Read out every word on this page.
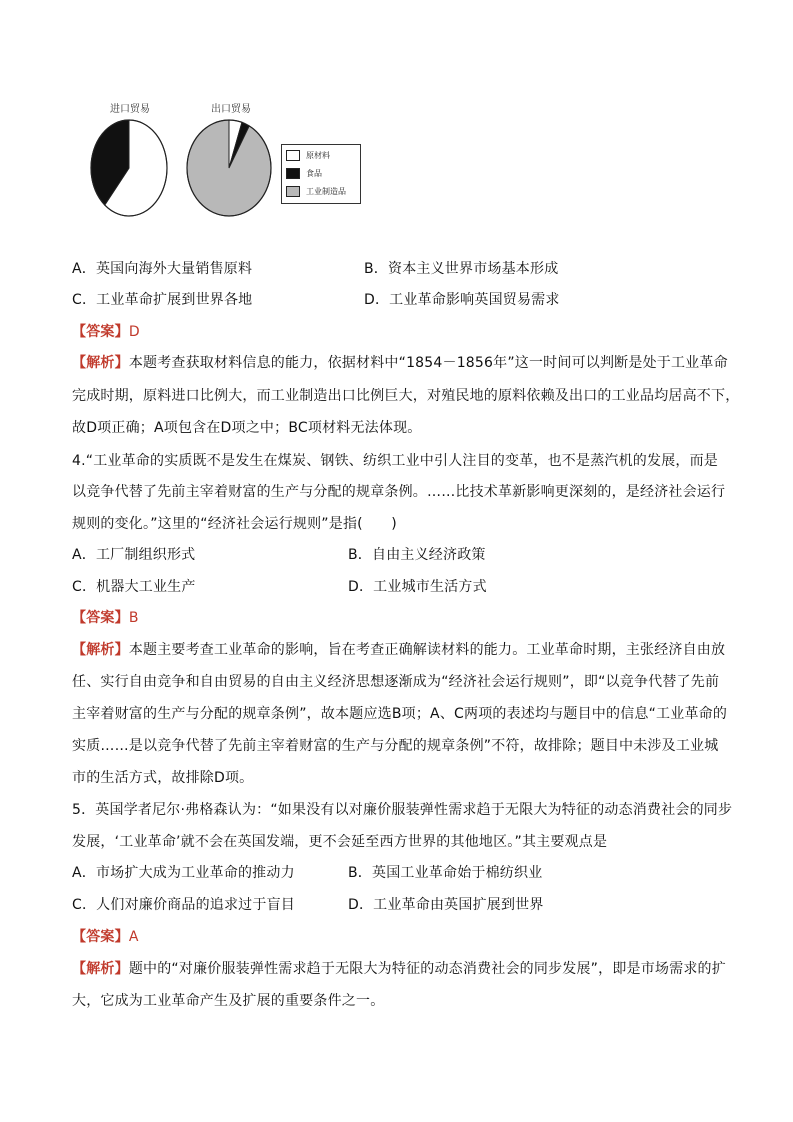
进口贸易	出口贸易
原材料
食品
工业制造品
A．英国向海外大量销售原料	B．资本主义世界市场基本形成
C．工业革命扩展到世界各地	D．工业革命影响英国贸易需求
【答案】D
【解析】本题考查获取材料信息的能力，依据材料中“1854－1856年”这一时间可以判断是处于工业革命
完成时期，原料进口比例大，而工业制造出口比例巨大，对殖民地的原料依赖及出口的工业品均居高不下，
故D项正确；A项包含在D项之中；BC项材料无法体现。
4.“工业革命的实质既不是发生在煤炭、钢铁、纺织工业中引人注目的变革，也不是蒸汽机的发展，而是
以竞争代替了先前主宰着财富的生产与分配的规章条例。……比技术革新影响更深刻的，是经济社会运行
规则的变化。”这里的“经济社会运行规则”是指(　　)
A．工厂制组织形式	B．自由主义经济政策
C．机器大工业生产	D．工业城市生活方式
【答案】B
【解析】本题主要考查工业革命的影响，旨在考查正确解读材料的能力。工业革命时期，主张经济自由放
任、实行自由竞争和自由贸易的自由主义经济思想逐渐成为“经济社会运行规则”，即“以竞争代替了先前
主宰着财富的生产与分配的规章条例”，故本题应选B项；A、C两项的表述均与题目中的信息“工业革命的
实质……是以竞争代替了先前主宰着财富的生产与分配的规章条例”不符，故排除；题目中未涉及工业城
市的生活方式，故排除D项。
5．英国学者尼尔·弗格森认为：“如果没有以对廉价服装弹性需求趋于无限大为特征的动态消费社会的同步
发展，‘工业革命’就不会在英国发端，更不会延至西方世界的其他地区。”其主要观点是
A．市场扩大成为工业革命的推动力	B．英国工业革命始于棉纺织业
C．人们对廉价商品的追求过于盲目	D．工业革命由英国扩展到世界
【答案】A
【解析】题中的“对廉价服装弹性需求趋于无限大为特征的动态消费社会的同步发展”，即是市场需求的扩
大，它成为工业革命产生及扩展的重要条件之一。
